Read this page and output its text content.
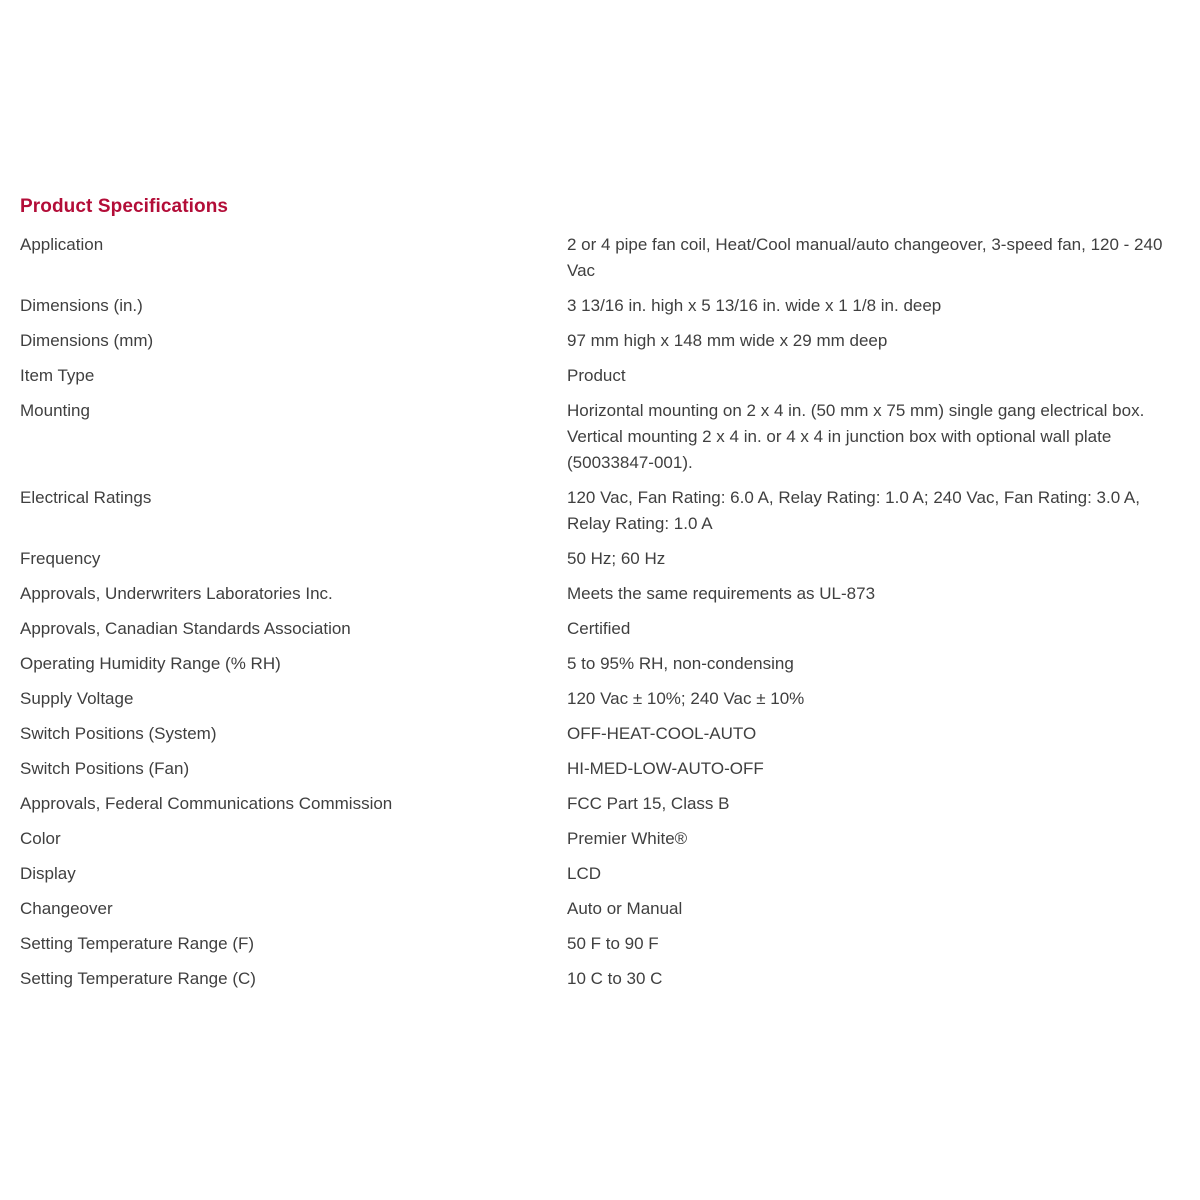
Product Specifications
Application	2 or 4 pipe fan coil, Heat/Cool manual/auto changeover, 3-speed fan, 120 - 240 Vac
Dimensions (in.)	3 13/16 in. high x 5 13/16 in. wide x 1 1/8 in. deep
Dimensions (mm)	97 mm high x 148 mm wide x 29 mm deep
Item Type	Product
Mounting	Horizontal mounting on 2 x 4 in. (50 mm x 75 mm) single gang electrical box. Vertical mounting 2 x 4 in. or 4 x 4 in junction box with optional wall plate (50033847-001).
Electrical Ratings	120 Vac, Fan Rating: 6.0 A, Relay Rating: 1.0 A; 240 Vac, Fan Rating: 3.0 A, Relay Rating: 1.0 A
Frequency	50 Hz; 60 Hz
Approvals, Underwriters Laboratories Inc.	Meets the same requirements as UL-873
Approvals, Canadian Standards Association	Certified
Operating Humidity Range (% RH)	5 to 95% RH, non-condensing
Supply Voltage	120 Vac ± 10%; 240 Vac ± 10%
Switch Positions (System)	OFF-HEAT-COOL-AUTO
Switch Positions (Fan)	HI-MED-LOW-AUTO-OFF
Approvals, Federal Communications Commission	FCC Part 15, Class B
Color	Premier White®
Display	LCD
Changeover	Auto or Manual
Setting Temperature Range (F)	50 F to 90 F
Setting Temperature Range (C)	10 C to 30 C
